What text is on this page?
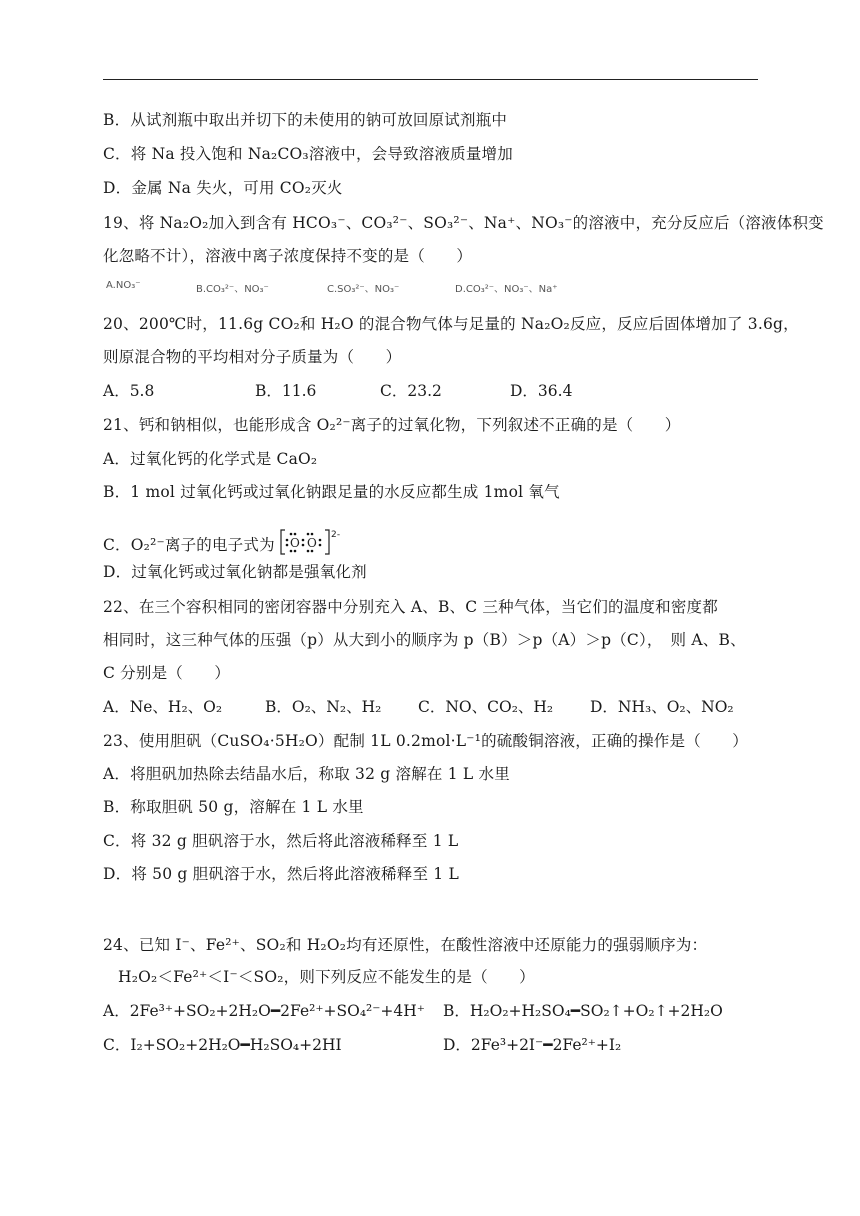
B．从试剂瓶中取出并切下的未使用的钠可放回原试剂瓶中
C．将 Na 投入饱和 Na₂CO₃溶液中，会导致溶液质量增加
D．金属 Na 失火，可用 CO₂灭火
19、将 Na₂O₂加入到含有 HCO₃⁻、CO₃²⁻、SO₃²⁻、Na⁺、NO₃⁻的溶液中，充分反应后（溶液体积变
化忽略不计），溶液中离子浓度保持不变的是（　　）
A.NO₃⁻	B.CO₃²⁻、NO₃⁻	C.SO₃²⁻、NO₃⁻	D.CO₃²⁻、NO₃⁻、Na⁺
20、200℃时，11.6g CO₂和 H₂O 的混合物气体与足量的 Na₂O₂反应，反应后固体增加了 3.6g，
则原混合物的平均相对分子质量为（　　）
A．5.8	B．11.6	C．23.2	D．36.4
21、钙和钠相似，也能形成含 O₂²⁻离子的过氧化物，下列叙述不正确的是（　　）
A．过氧化钙的化学式是 CaO₂
B．1 mol 过氧化钙或过氧化钠跟足量的水反应都生成 1mol 氧气
C．O₂²⁻离子的电子式为
2-
O O
D．过氧化钙或过氧化钠都是强氧化剂
22、在三个容积相同的密闭容器中分别充入 A、B、C 三种气体，当它们的温度和密度都
相同时，这三种气体的压强（p）从大到小的顺序为 p（B）＞p（A）＞p（C），　则 A、B、
C 分别是（　　）
A．Ne、H₂、O₂	B．O₂、N₂、H₂ C．NO、CO₂、H₂ D．NH₃、O₂、NO₂
23、使用胆矾（CuSO₄·5H₂O）配制 1L 0.2mol·L⁻¹的硫酸铜溶液，正确的操作是（　　）
A．将胆矾加热除去结晶水后，称取 32 g 溶解在 1 L 水里
B．称取胆矾 50 g，溶解在 1 L 水里
C．将 32 g 胆矾溶于水，然后将此溶液稀释至 1 L
D．将 50 g 胆矾溶于水，然后将此溶液稀释至 1 L
24、已知 I⁻、Fe²⁺、SO₂和 H₂O₂均有还原性，在酸性溶液中还原能力的强弱顺序为：
H₂O₂＜Fe²⁺＜I⁻＜SO₂，则下列反应不能发生的是（　　）
A．2Fe³⁺+SO₂+2H₂O━2Fe²⁺+SO₄²⁻+4H⁺ B．H₂O₂+H₂SO₄━SO₂↑+O₂↑+2H₂O
C．I₂+SO₂+2H₂O━H₂SO₄+2HI	D．2Fe³+2I⁻━2Fe²⁺+I₂
